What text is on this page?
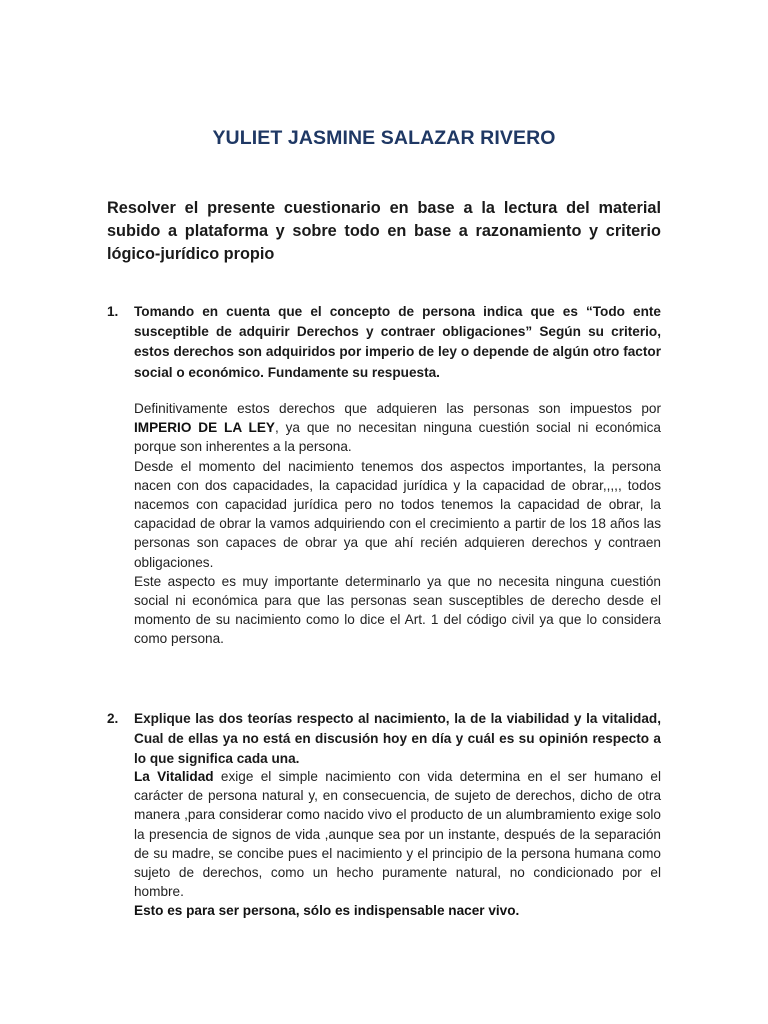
YULIET JASMINE SALAZAR RIVERO
Resolver el presente cuestionario en base a la lectura del material subido a plataforma y sobre todo en base a razonamiento y criterio lógico-jurídico propio
1. Tomando en cuenta que el concepto de persona indica que es “Todo ente susceptible de adquirir Derechos y contraer obligaciones” Según su criterio, estos derechos son adquiridos por imperio de ley o depende de algún otro factor social o económico. Fundamente su respuesta.

Definitivamente estos derechos que adquieren las personas son impuestos por IMPERIO DE LA LEY, ya que no necesitan ninguna cuestión social ni económica porque son inherentes a la persona.

Desde el momento del nacimiento tenemos dos aspectos importantes, la persona nacen con dos capacidades, la capacidad jurídica y la capacidad de obrar,,,,, todos nacemos con capacidad jurídica pero no todos tenemos la capacidad de obrar, la capacidad de obrar la vamos adquiriendo con el crecimiento a partir de los 18 años las personas son capaces de obrar ya que ahí recién adquieren derechos y contraen obligaciones.

Este aspecto es muy importante determinarlo ya que no necesita ninguna cuestión social ni económica para que las personas sean susceptibles de derecho desde el momento de su nacimiento como lo dice el Art. 1 del código civil ya que lo considera como persona.

2. Explique las dos teorías respecto al nacimiento, la de la viabilidad y la vitalidad, Cual de ellas ya no está en discusión hoy en día y cuál es su opinión respecto a lo que significa cada una.

La Vitalidad exige el simple nacimiento con vida determina en el ser humano el carácter de persona natural y, en consecuencia, de sujeto de derechos, dicho de otra manera ,para considerar como nacido vivo el producto de un alumbramiento exige solo la presencia de signos de vida ,aunque sea por un instante, después de la separación de su madre, se concibe pues el nacimiento y el principio de la persona humana como sujeto de derechos, como un hecho puramente natural, no condicionado por el hombre.

Esto es para ser persona, sólo es indispensable nacer vivo.
